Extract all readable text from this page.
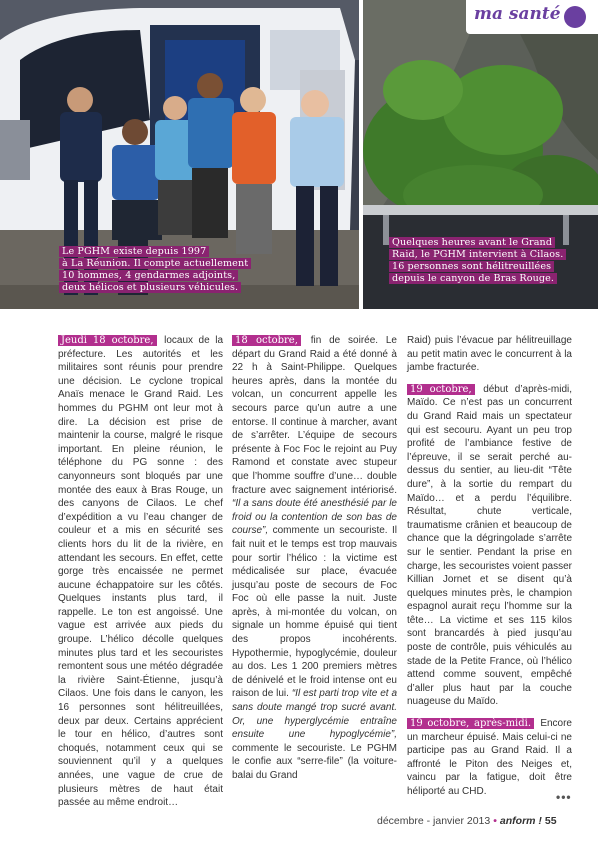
Le PGHM existe depuis 1997
à La Réunion. Il compte actuellement
10 hommes, 4 gendarmes adjoints,
deux hélicos et plusieurs véhicules.
Quelques heures avant le Grand
Raid, le PGHM intervient à Cilaos.
16 personnes sont hélitreuillées
depuis le canyon de Bras Rouge.
ma santé

Jeudi 18 octobre, locaux de la préfecture. Les autorités et les militaires sont réunis pour prendre une décision. Le cyclone tropical Anaïs menace le Grand Raid. Les hommes du PGHM ont leur mot à dire. La décision est prise de maintenir la course, malgré le risque important. En pleine réunion, le téléphone du PG sonne : des canyonneurs sont bloqués par une montée des eaux à Bras Rouge, un des canyons de Cilaos. Le chef d’expédition a vu l’eau changer de couleur et a mis en sécurité ses clients hors du lit de la rivière, en attendant les secours. En effet, cette gorge très encaissée ne permet aucune échappatoire sur les côtés. Quelques instants plus tard, il rappelle. Le ton est angoissé. Une vague est arrivée aux pieds du groupe. L’hélico décolle quelques minutes plus tard et les secouristes remontent sous une météo dégradée la rivière Saint-Étienne, jusqu’à Cilaos. Une fois dans le canyon, les 16 personnes sont hélitreuillées, deux par deux. Certains apprécient le tour en hélico, d’autres sont choqués, notamment ceux qui se souviennent qu’il y a quelques années, une vague de crue de plusieurs mètres de haut était passée au même endroit…

18 octobre, fin de soirée. Le départ du Grand Raid a été donné à 22 h à Saint-Philippe. Quelques heures après, dans la montée du volcan, un concurrent appelle les secours parce qu’un autre a une entorse. Il continue à marcher, avant de s’arrêter. L’équipe de secours présente à Foc Foc le rejoint au Puy Ramond et constate avec stupeur que l’homme souffre d’une… double fracture avec saignement intériorisé. “Il a sans doute été anesthésié par le froid ou la contention de son bas de course”, commente un secouriste. Il fait nuit et le temps est trop mauvais pour sortir l’hélico : la victime est médicalisée sur place, évacuée jusqu’au poste de secours de Foc Foc où elle passe la nuit. Juste après, à mi-montée du volcan, on signale un homme épuisé qui tient des propos incohérents. Hypothermie, hypoglycémie, douleur au dos. Les 1 200 premiers mètres de dénivelé et le froid intense ont eu raison de lui. “Il est parti trop vite et a sans doute mangé trop sucré avant. Or, une hyperglycémie entraîne ensuite une hypoglycémie”, commente le secouriste. Le PGHM le confie aux “serre-file” (la voiture-balai du Grand

Raid) puis l’évacue par hélitreuillage au petit matin avec le concurrent à la jambe fracturée.

19 octobre, début d’après-midi, Maïdo. Ce n’est pas un concurrent du Grand Raid mais un spectateur qui est secouru. Ayant un peu trop profité de l’ambiance festive de l’épreuve, il se serait perché au-dessus du sentier, au lieu-dit “Tête dure”, à la sortie du rempart du Maïdo… et a perdu l’équilibre. Résultat, chute verticale, traumatisme crânien et beaucoup de chance que la dégringolade s’arrête sur le sentier. Pendant la prise en charge, les secouristes voient passer Killian Jornet et se disent qu’à quelques minutes près, le champion espagnol aurait reçu l’homme sur la tête… La victime et ses 115 kilos sont brancardés à pied jusqu’au poste de contrôle, puis véhiculés au stade de la Petite France, où l’hélico attend comme souvent, empêché d’aller plus haut par la couche nuageuse du Maïdo.

19 octobre, après-midi. Encore un marcheur épuisé. Mais celui-ci ne participe pas au Grand Raid. Il a affronté le Piton des Neiges et, vaincu par la fatigue, doit être héliporté au CHD.	•••
décembre - janvier 2013 • anform ! 55
